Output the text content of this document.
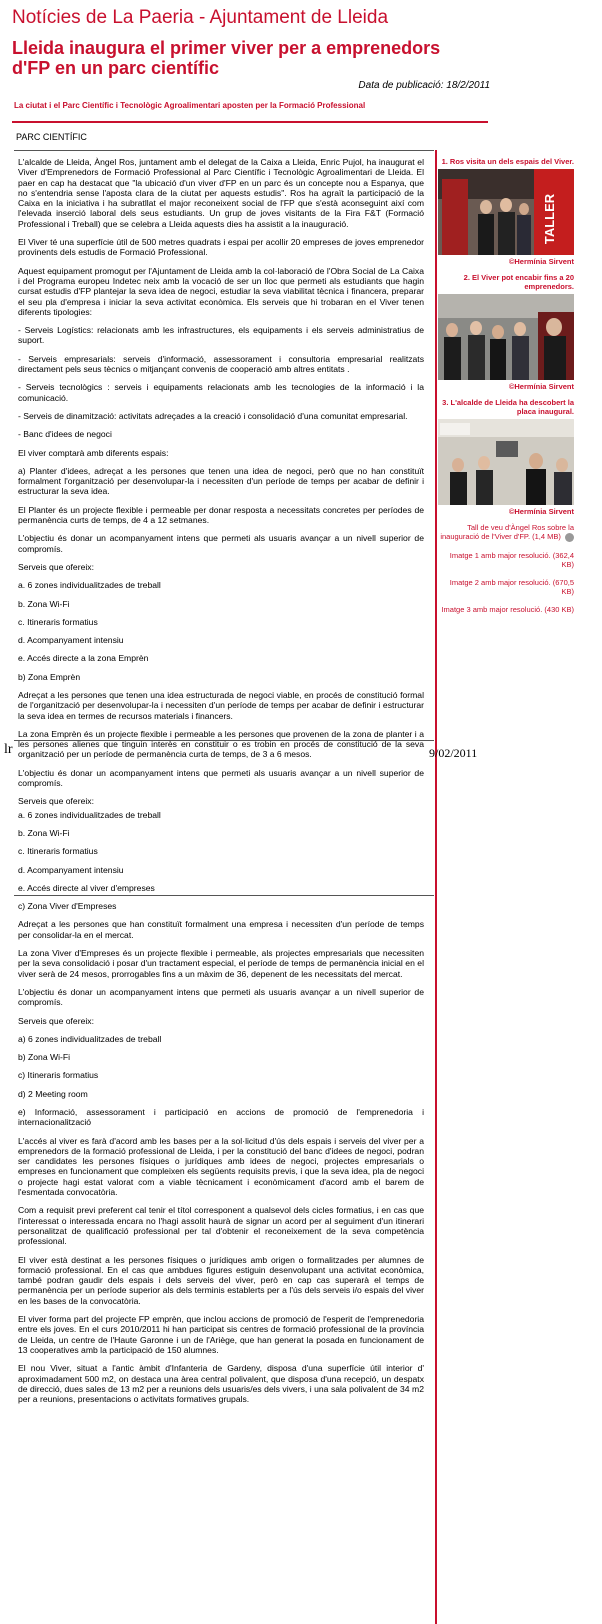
Notícies de La Paeria - Ajuntament de Lleida
Lleida inaugura el primer viver per a emprenedors d'FP en un parc científic
Data de publicació: 18/2/2011
La ciutat i el Parc Científic i Tecnològic Agroalimentari aposten per la Formació Professional
PARC CIENTÍFIC
lr	9/02/2011

L'alcalde de Lleida, Àngel Ros, juntament amb el delegat de la Caixa a Lleida, Enric Pujol, ha inaugurat el Viver d'Emprenedors de Formació Professional al Parc Científic i Tecnològic Agroalimentari de Lleida. El paer en cap ha destacat que "la ubicació d'un viver d'FP en un parc és un concepte nou a Espanya, que no s'entendria sense l'aposta clara de la ciutat per aquests estudis". Ros ha agraït la participació de la Caixa en la iniciativa i ha subratllat el major reconeixent social de l'FP que s'està aconseguint així com l'elevada inserció laboral dels seus estudiants. Un grup de joves visitants de la Fira F&T (Formació Professional i Treball) que se celebra a Lleida aquests dies ha assistit a la inauguració.

El Viver té una superfície útil de 500 metres quadrats i espai per acollir 20 empreses de joves emprenedor provinents dels estudis de Formació Professional.

Aquest equipament promogut per l'Ajuntament de Lleida amb la col·laboració de l'Obra Social de La Caixa i del Programa europeu Indetec neix amb la vocació de ser un lloc que permeti als estudiants que hagin cursat estudis d'FP plantejar la seva idea de negoci, estudiar la seva viabilitat tècnica i financera, preparar el seu pla d'empresa i iniciar la seva activitat econòmica. Els serveis que hi trobaran en el Viver tenen diferents tipologies:

- Serveis Logístics: relacionats amb les infrastructures, els equipaments i els serveis administratius de suport.

- Serveis empresarials: serveis d'informació, assessorament i consultoria empresarial realitzats directament pels seus tècnics o mitjançant convenis de cooperació amb altres entitats .

- Serveis tecnològics : serveis i equipaments relacionats amb les tecnologies de la informació i la comunicació.

- Serveis de dinamització: activitats adreçades a la creació i consolidació d'una comunitat empresarial.

- Banc d'idees de negoci

El viver comptarà amb diferents espais:

a) Planter d'idees, adreçat a les persones que tenen una idea de negoci, però que no han constituït formalment l'organització per desenvolupar-la i necessiten d'un període de temps per acabar de definir i estructurar la seva idea.

El Planter és un projecte flexible i permeable per donar resposta a necessitats concretes per períodes de permanència curts de temps, de 4 a 12 setmanes.

L'objectiu és donar un acompanyament intens que permeti als usuaris avançar a un nivell superior de compromís.

Serveis que ofereix:

a. 6 zones individualitzades de treball

b. Zona Wi-Fi

c. Itineraris formatius

d. Acompanyament intensiu

e. Accés directe a la zona Emprèn

b) Zona Emprèn

Adreçat a les persones que tenen una idea estructurada de negoci viable, en procés de constitució formal de l'organització per desenvolupar-la i necessiten d'un període de temps per acabar de definir i estructurar la seva idea en termes de recursos materials i financers.

La zona Emprèn és un projecte flexible i permeable a les persones que provenen de la zona de planter i a les persones alienes que tinguin interès en constituir o es trobin en procés de constitució de la seva organització per un període de permanència curta de temps, de 3 a 6 mesos.

L'objectiu és donar un acompanyament intens que permeti als usuaris avançar a un nivell superior de compromís.

Serveis que ofereix:

a. 6 zones individualitzades de treball

b. Zona Wi-Fi

c. Itineraris formatius

d. Acompanyament intensiu

e. Accés directe al viver d'empreses

c) Zona Viver d'Empreses

Adreçat a les persones que han constituït formalment una empresa i necessiten d'un període de temps per consolidar-la en el mercat.

La zona Viver d'Empreses és un projecte flexible i permeable, als projectes empresarials que necessiten per la seva consolidació i posar d'un tractament especial, el període de temps de permanència inicial en el viver serà de 24 mesos, prorrogables fins a un màxim de 36, depenent de les necessitats del mercat.

L'objectiu és donar un acompanyament intens que permeti als usuaris avançar a un nivell superior de compromís.

Serveis que ofereix:

a) 6 zones individualitzades de treball

b) Zona Wi-Fi

c) Itineraris formatius

d) 2 Meeting room

e) Informació, assessorament i participació en accions de promoció de l'emprenedoria i internacionalització

L'accés al viver es farà d'acord amb les bases per a la sol·licitud d'ús dels espais i serveis del viver per a emprenedors de la formació professional de Lleida, i per la constitució del banc d'idees de negoci, podran ser candidates les persones físiques o jurídiques amb idees de negoci, projectes empresarials o empreses en funcionament que compleixen els següents requisits previs, i que la seva idea, pla de negoci o projecte hagi estat valorat com a viable tècnicament i econòmicament d'acord amb el barem de l'esmentada convocatòria.

Com a requisit previ preferent cal tenir el títol corresponent a qualsevol dels cicles formatius, i en cas que l'interessat o interessada encara no l'hagi assolit haurà de signar un acord per al seguiment d'un itinerari personalitzat de qualificació professional per tal d'obtenir el reconeixement de la seva competència professional.

El viver està destinat a les persones físiques o jurídiques amb origen o formalitzades per alumnes de formació professional. En el cas que ambdues figures estiguin desenvolupant una activitat econòmica, també podran gaudir dels espais i dels serveis del viver, però en cap cas superarà el temps de permanència per un període superior als dels terminis establerts per a l'ús dels serveis i/o espais del viver en les bases de la convocatòria.

El viver forma part del projecte FP emprèn, que inclou accions de promoció de l'esperit de l'emprenedoria entre els joves. En el curs 2010/2011 hi han participat sis centres de formació professional de la província de Lleida, un centre de l'Haute Garonne i un de l'Ariège, que han generat la posada en funcionament de 13 cooperatives amb la participació de 150 alumnes.

El nou Viver, situat a l'antic àmbit d'Infanteria de Gardeny, disposa d'una superfície útil interior d' aproximadament 500 m2, on destaca una àrea central polivalent, que disposa d'una recepció, un despatx de direcció, dues sales de 13 m2 per a reunions dels usuaris/es dels vivers, i una sala polivalent de 34 m2 per a reunions, presentacions o activitats formatives grupals.

1. Ros visita un dels espais del Viver.
TALLER
©Hermínia Sirvent
2. El Viver pot encabir fins a 20 emprenedors.
©Hermínia Sirvent
3. L'alcalde de Lleida ha descobert la placa inaugural.
©Hermínia Sirvent
Tall de veu d'Àngel Ros sobre la inauguració de l'Viver d'FP. (1,4 MB)
Imatge 1 amb major resolució. (362,4 KB)
Imatge 2 amb major resolució. (670,5 KB)
Imatge 3 amb major resolució. (430 KB)
